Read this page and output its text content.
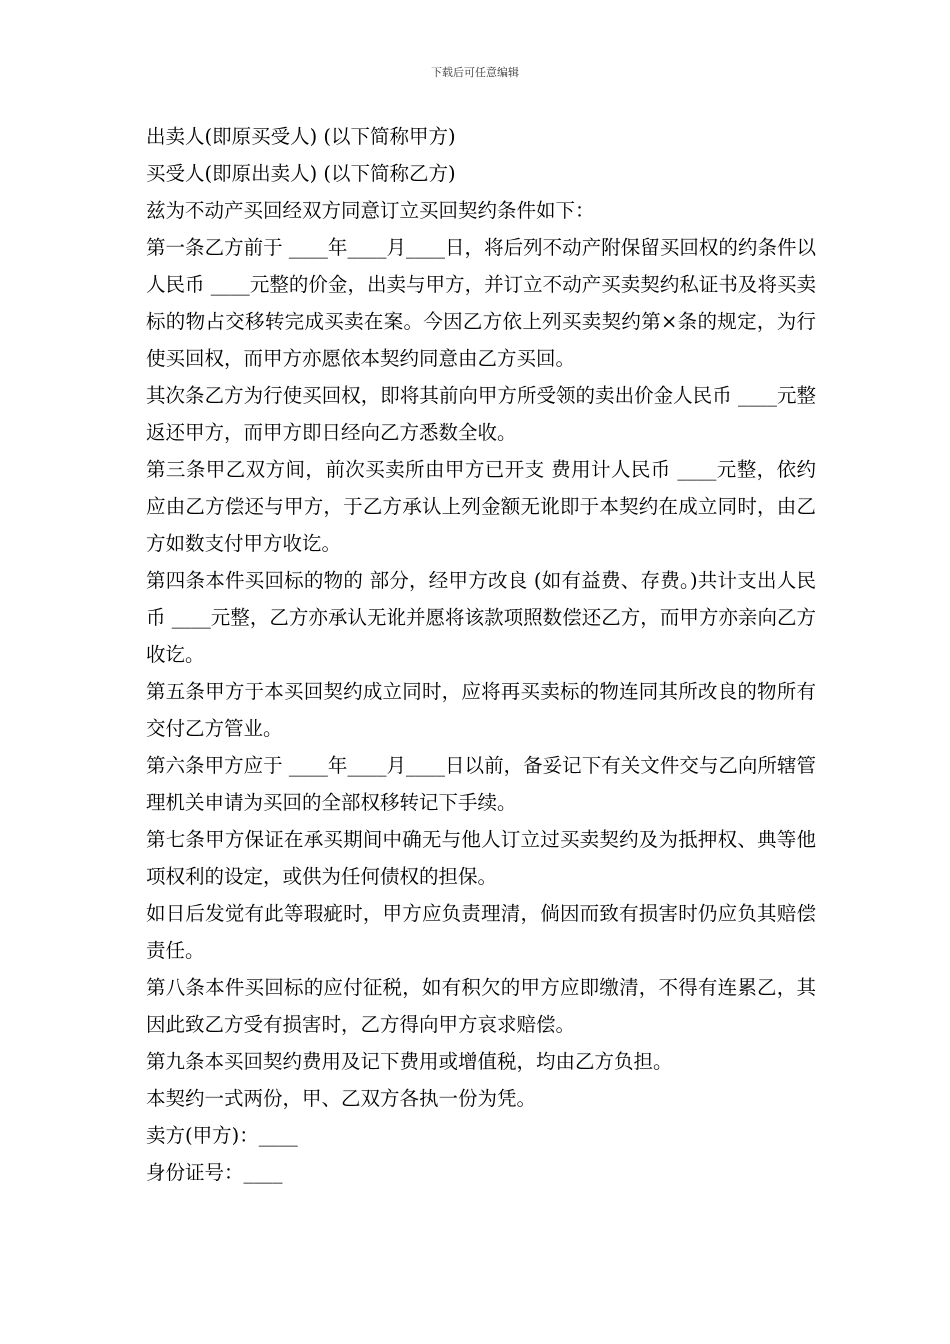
下载后可任意编辑

出卖人(即原买受人) (以下简称甲方)

买受人(即原出卖人) (以下简称乙方)

兹为不动产买回经双方同意订立买回契约条件如下：

第一条乙方前于 ____年____月____日，将后列不动产附保留买回权的约条件以人民币 ____元整的价金，出卖与甲方，并订立不动产买卖契约私证书及将买卖标的物占交移转完成买卖在案。今因乙方依上列买卖契约第×条的规定，为行使买回权，而甲方亦愿依本契约同意由乙方买回。

其次条乙方为行使买回权，即将其前向甲方所受领的卖出价金人民币 ____元整返还甲方，而甲方即日经向乙方悉数全收。

第三条甲乙双方间，前次买卖所由甲方已开支 费用计人民币 ____元整，依约应由乙方偿还与甲方，于乙方承认上列金额无讹即于本契约在成立同时，由乙方如数支付甲方收讫。

第四条本件买回标的物的 部分，经甲方改良 (如有益费、存费。)共计支出人民币 ____元整，乙方亦承认无讹并愿将该款项照数偿还乙方，而甲方亦亲向乙方收讫。

第五条甲方于本买回契约成立同时，应将再买卖标的物连同其所改良的物所有交付乙方管业。

第六条甲方应于 ____年____月____日以前，备妥记下有关文件交与乙向所辖管理机关申请为买回的全部权移转记下手续。

第七条甲方保证在承买期间中确无与他人订立过买卖契约及为抵押权、典等他项权利的设定，或供为任何债权的担保。

如日后发觉有此等瑕疵时，甲方应负责理清，倘因而致有损害时仍应负其赔偿责任。

第八条本件买回标的应付征税，如有积欠的甲方应即缴清，不得有连累乙，其因此致乙方受有损害时，乙方得向甲方哀求赔偿。

第九条本买回契约费用及记下费用或增值税，均由乙方负担。

本契约一式两份，甲、乙双方各执一份为凭。

卖方(甲方)：____

身份证号：____
